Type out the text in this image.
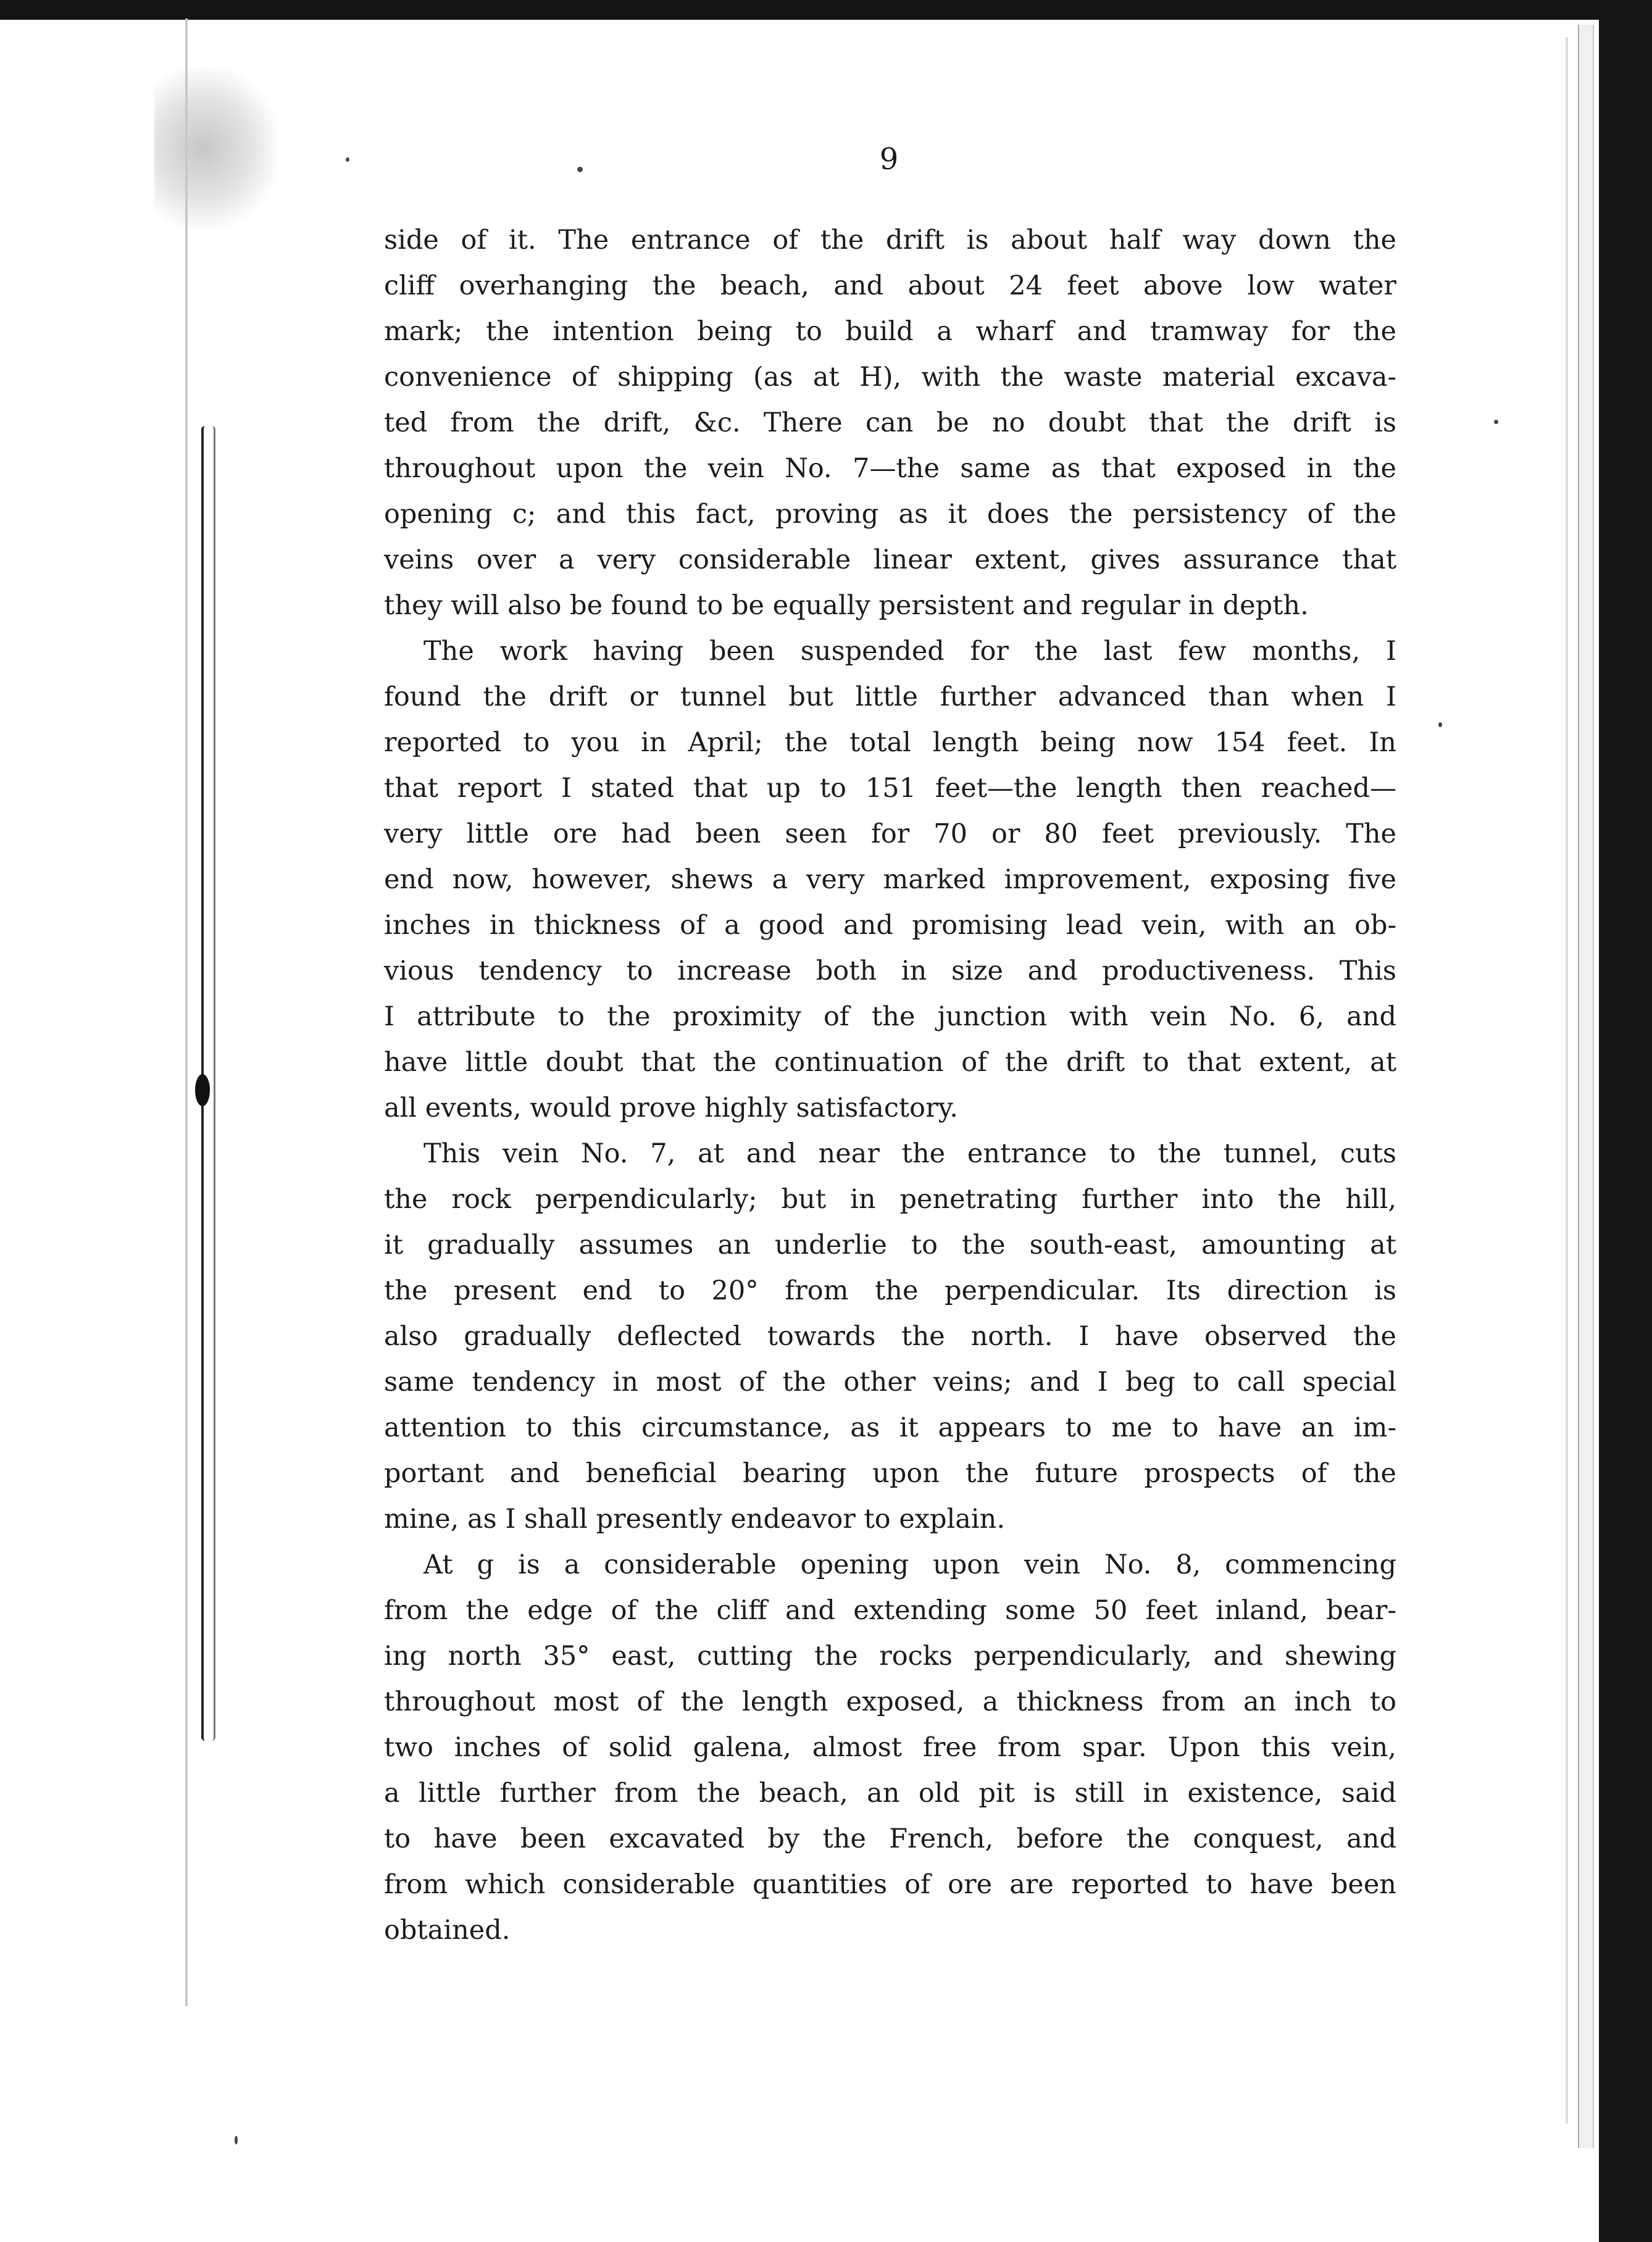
9
side of it. The entrance of the drift is about half way down the
cliff overhanging the beach, and about 24 feet above low water
mark; the intention being to build a wharf and tramway for the
convenience of shipping (as at H), with the waste material excava-
ted from the drift, &c. There can be no doubt that the drift is
throughout upon the vein No. 7—the same as that exposed in the
opening c; and this fact, proving as it does the persistency of the
veins over a very considerable linear extent, gives assurance that
they will also be found to be equally persistent and regular in depth.
The work having been suspended for the last few months, I
found the drift or tunnel but little further advanced than when I
reported to you in April; the total length being now 154 feet. In
that report I stated that up to 151 feet—the length then reached—
very little ore had been seen for 70 or 80 feet previously. The
end now, however, shews a very marked improvement, exposing five
inches in thickness of a good and promising lead vein, with an ob-
vious tendency to increase both in size and productiveness. This
I attribute to the proximity of the junction with vein No. 6, and
have little doubt that the continuation of the drift to that extent, at
all events, would prove highly satisfactory.
This vein No. 7, at and near the entrance to the tunnel, cuts
the rock perpendicularly; but in penetrating further into the hill,
it gradually assumes an underlie to the south-east, amounting at
the present end to 20° from the perpendicular. Its direction is
also gradually deflected towards the north. I have observed the
same tendency in most of the other veins; and I beg to call special
attention to this circumstance, as it appears to me to have an im-
portant and beneficial bearing upon the future prospects of the
mine, as I shall presently endeavor to explain.
At g is a considerable opening upon vein No. 8, commencing
from the edge of the cliff and extending some 50 feet inland, bear-
ing north 35° east, cutting the rocks perpendicularly, and shewing
throughout most of the length exposed, a thickness from an inch to
two inches of solid galena, almost free from spar. Upon this vein,
a little further from the beach, an old pit is still in existence, said
to have been excavated by the French, before the conquest, and
from which considerable quantities of ore are reported to have been
obtained.
